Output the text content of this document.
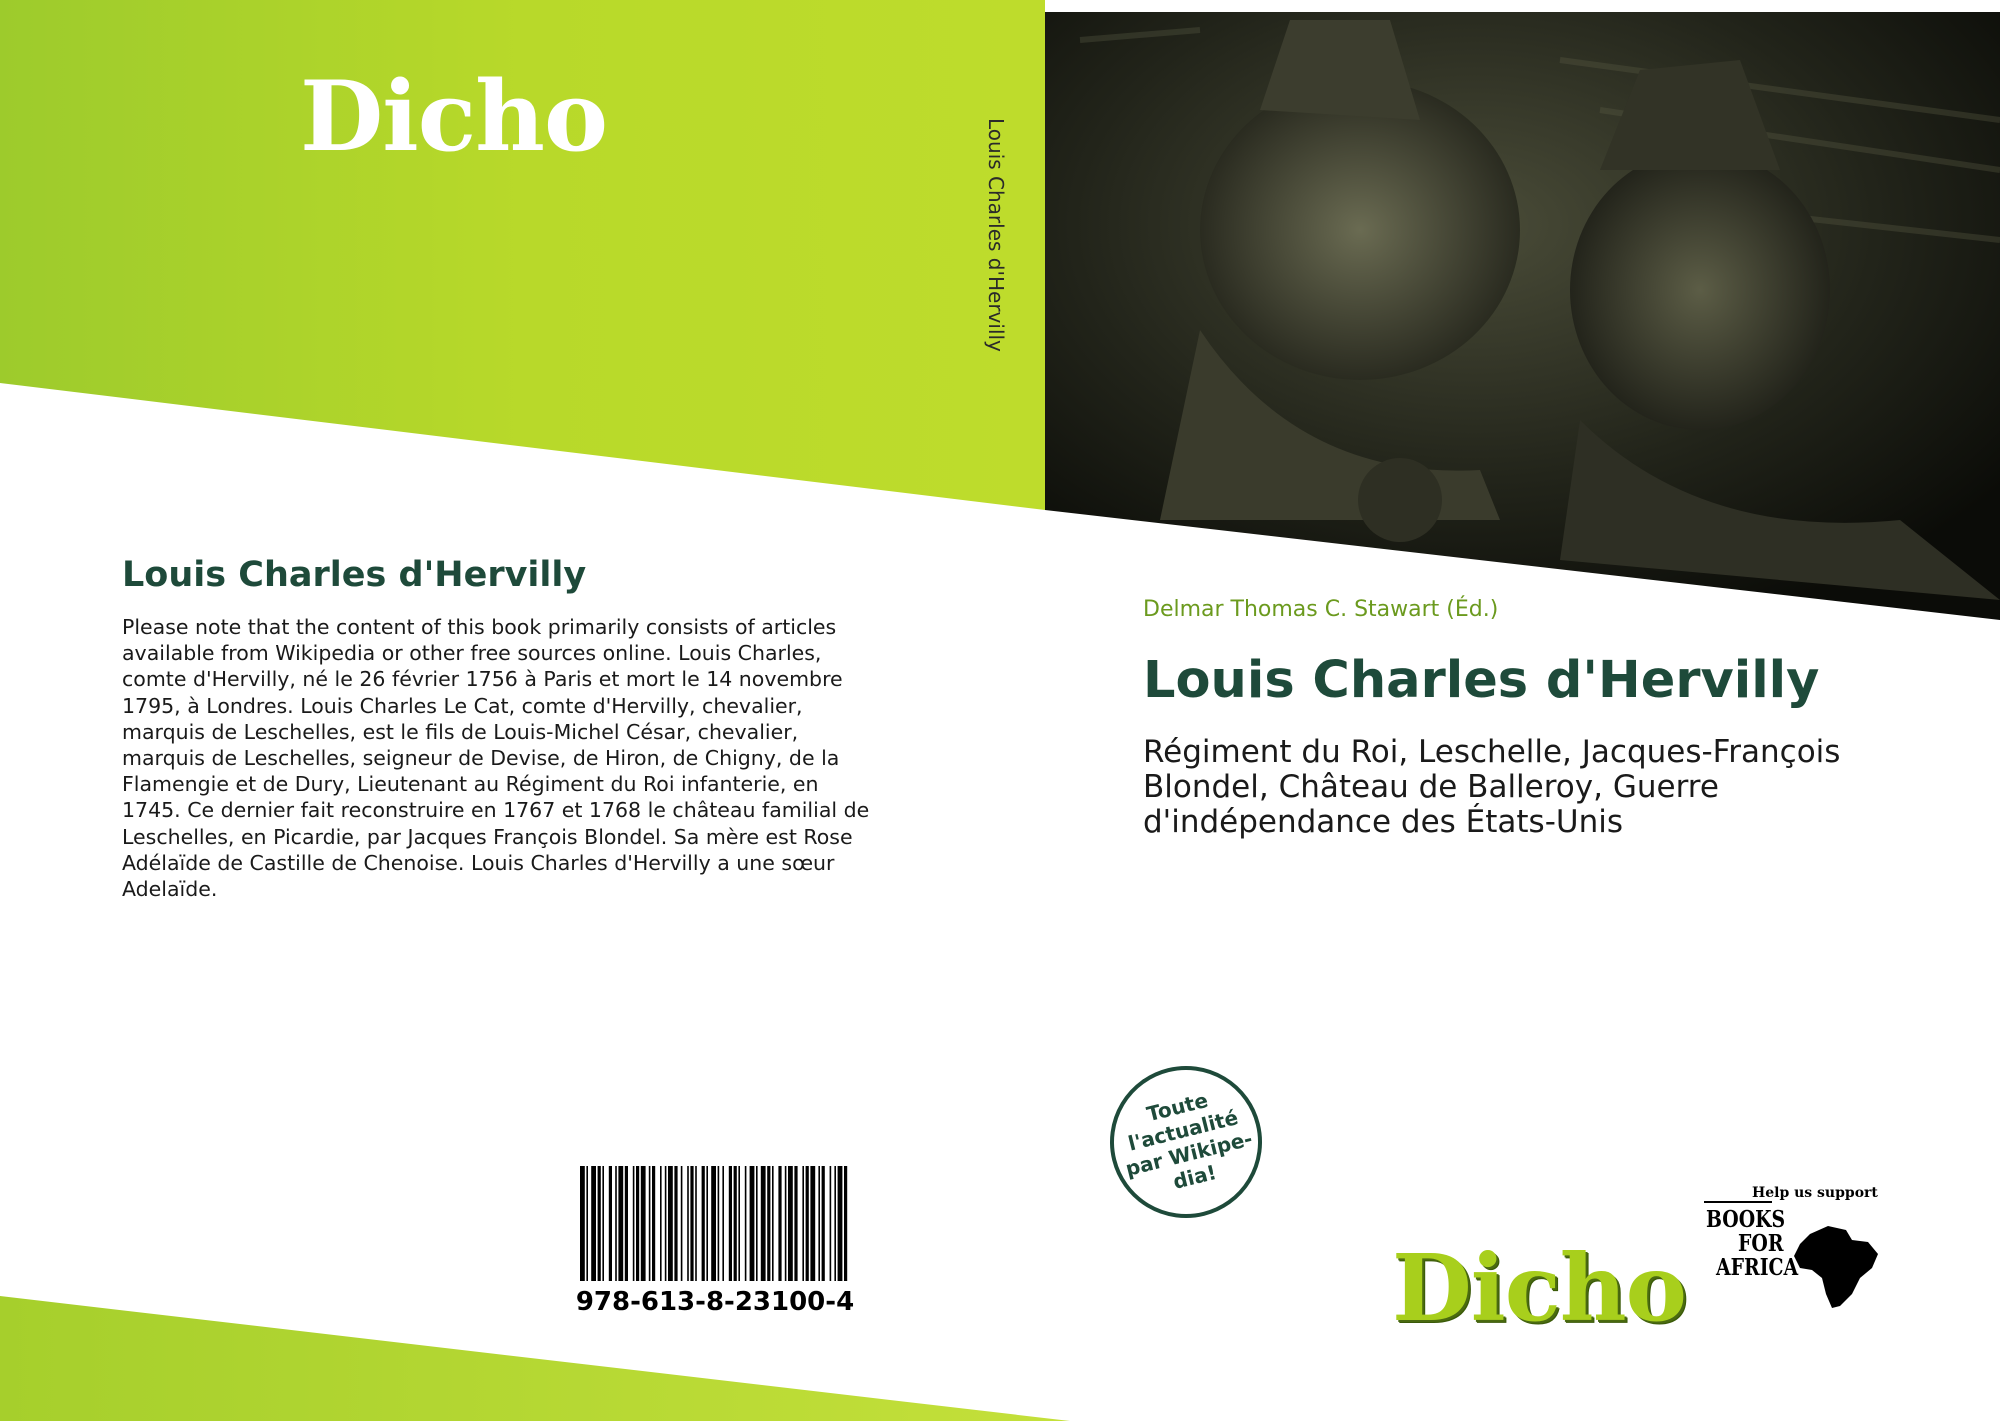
Dicho
Louis Charles d'Hervilly
Please note that the content of this book primarily consists of articles available from Wikipedia or other free sources online. Louis Charles, comte d'Hervilly, né le 26 février 1756 à Paris et mort le 14 novembre 1795, à Londres. Louis Charles Le Cat, comte d'Hervilly, chevalier, marquis de Leschelles, est le fils de Louis-Michel César, chevalier, marquis de Leschelles, seigneur de Devise, de Hiron, de Chigny, de la Flamengie et de Dury, Lieutenant au Régiment du Roi infanterie, en 1745. Ce dernier fait reconstruire en 1767 et 1768 le château familial de Leschelles, en Picardie, par Jacques François Blondel. Sa mère est Rose Adélaïde de Castille de Chenoise. Louis Charles d'Hervilly a une sœur Adelaïde.
Louis Charles d'Hervilly
Delmar Thomas C. Stawart (Éd.)
Louis Charles d'Hervilly
Régiment du Roi, Leschelle, Jacques-François Blondel, Château de Balleroy, Guerre d'indépendance des États-Unis
Toute
l'actualité
par Wikipe-
dia!
978-613-8-23100-4	Dicho
Help us support
BOOKS
FOR
AFRICA
